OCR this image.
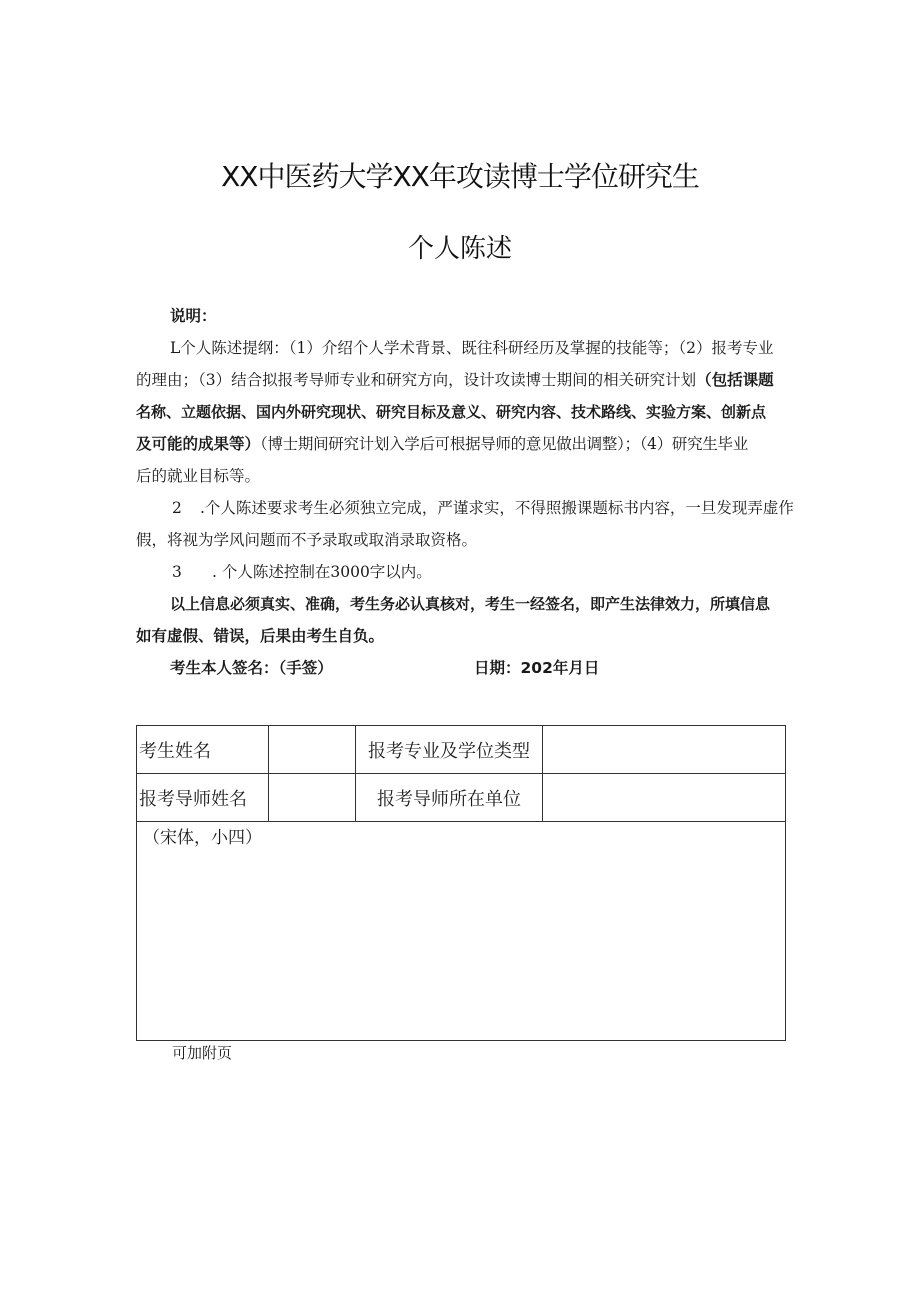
XX中医药大学XX年攻读博士学位研究生
个人陈述
说明：
L个人陈述提纲：（1）介绍个人学术背景、既往科研经历及掌握的技能等；（2）报考专业
的理由；（3）结合拟报考导师专业和研究方向，设计攻读博士期间的相关研究计划（包括课题
名称、立题依据、国内外研究现状、研究目标及意义、研究内容、技术路线、实验方案、创新点
及可能的成果等）（博士期间研究计划入学后可根据导师的意见做出调整）；（4）研究生毕业
后的就业目标等。
2 .个人陈述要求考生必须独立完成，严谨求实，不得照搬课题标书内容，一旦发现弄虚作
假，将视为学风问题而不予录取或取消录取资格。
3 . 个人陈述控制在3000字以内。
以上信息必须真实、准确，考生务必认真核对，考生一经签名，即产生法律效力，所填信息
如有虚假、错误，后果由考生自负。
考生本人签名：（手签）	日期：202年月日
考生姓名		报考专业及学位类型	
报考导师姓名		报考导师所在单位	
（宋体，小四）			
可加附页
